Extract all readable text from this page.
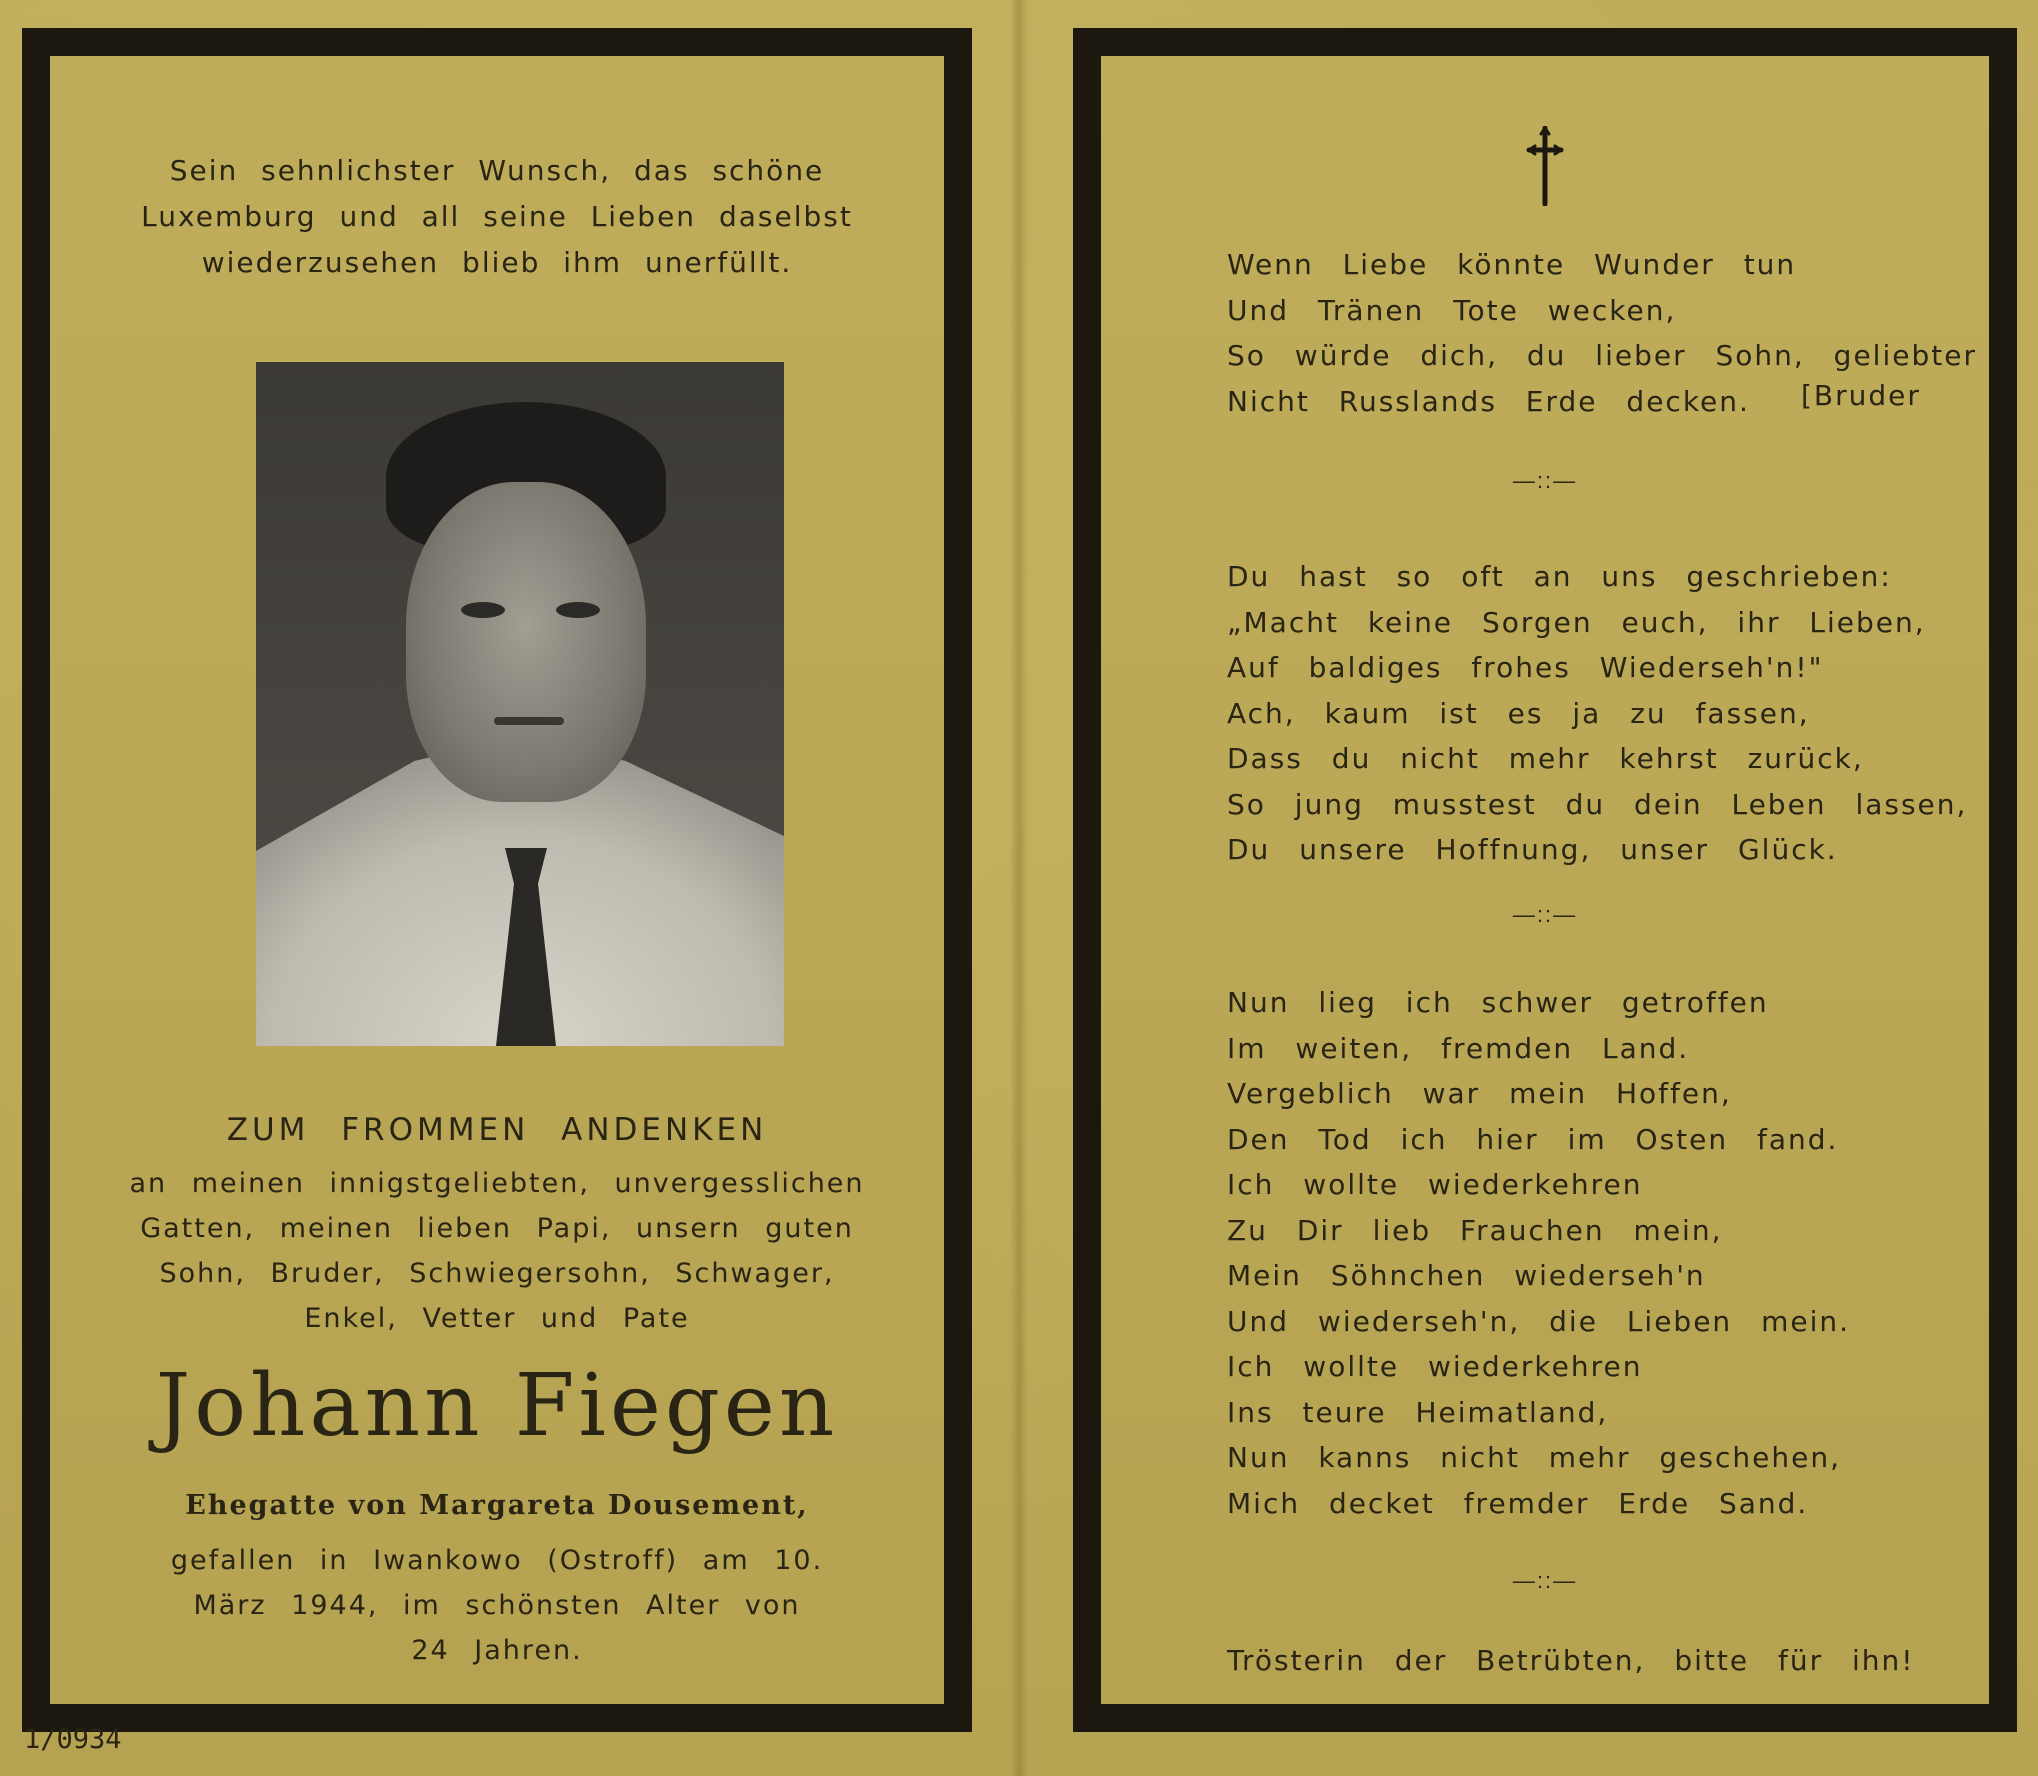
Sein sehnlichster Wunsch, das schöne
Luxemburg und all seine Lieben daselbst
wiederzusehen blieb ihm unerfüllt.
ZUM FROMMEN ANDENKEN
an meinen innigstgeliebten, unvergesslichen
Gatten, meinen lieben Papi, unsern guten
Sohn, Bruder, Schwiegersohn, Schwager,
Enkel, Vetter und Pate
Johann Fiegen
Ehegatte von Margareta Dousement,
gefallen in Iwankowo (Ostroff) am 10.
März 1944, im schönsten Alter von
24 Jahren.
Wenn Liebe könnte Wunder tun
Und Tränen Tote wecken,
So würde dich, du lieber Sohn, geliebter
Nicht Russlands Erde decken.	[Bruder
—::—
Du hast so oft an uns geschrieben:
„Macht keine Sorgen euch, ihr Lieben,
Auf baldiges frohes Wiederseh'n!"
Ach, kaum ist es ja zu fassen,
Dass du nicht mehr kehrst zurück,
So jung musstest du dein Leben lassen,
Du unsere Hoffnung, unser Glück.
—::—
Nun lieg ich schwer getroffen
Im weiten, fremden Land.
Vergeblich war mein Hoffen,
Den Tod ich hier im Osten fand.
Ich wollte wiederkehren
Zu Dir lieb Frauchen mein,
Mein Söhnchen wiederseh'n
Und wiederseh'n, die Lieben mein.
Ich wollte wiederkehren
Ins teure Heimatland,
Nun kanns nicht mehr geschehen,
Mich decket fremder Erde Sand.
—::—
Trösterin der Betrübten, bitte für ihn!
1/0934
